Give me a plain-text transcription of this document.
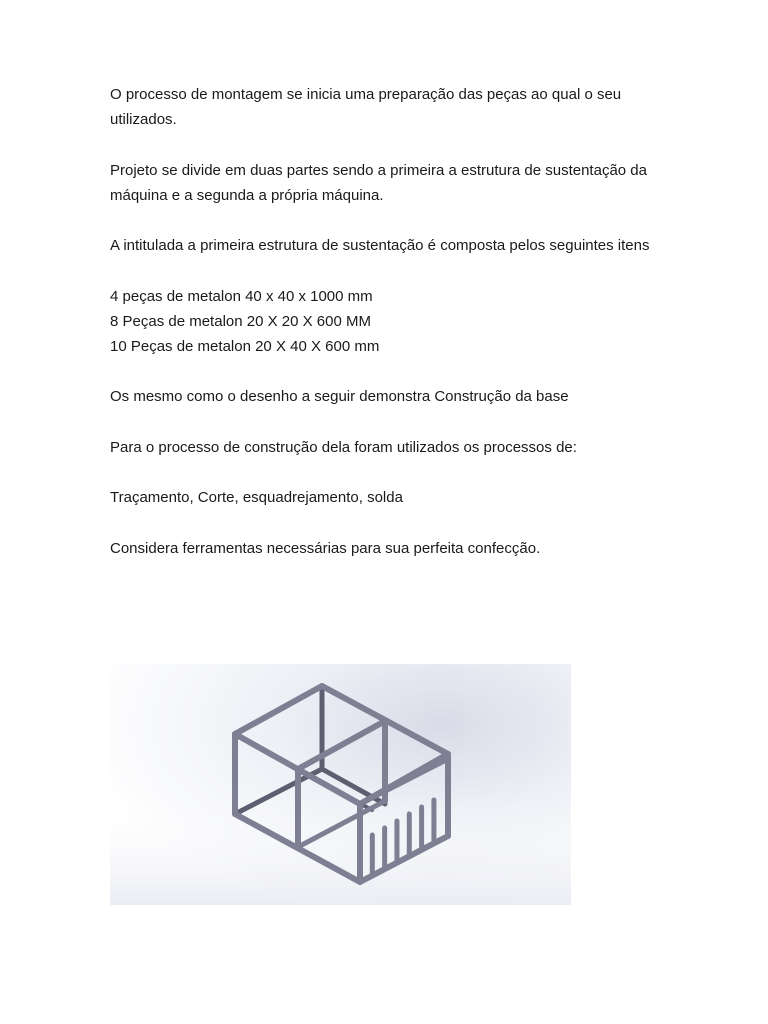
O processo de montagem se inicia uma preparação das peças ao qual o seu utilizados.

Projeto se divide em duas partes sendo a primeira a estrutura de sustentação da máquina e a segunda a própria máquina.

A intitulada a primeira estrutura de sustentação é composta pelos seguintes itens

4 peças de metalon 40 x 40 x 1000 mm
8 Peças de metalon 20 X 20 X 600 MM
10 Peças de metalon 20 X 40 X 600 mm

Os mesmo como o desenho a seguir demonstra Construção da base

Para o processo de construção dela foram utilizados os processos de:

Traçamento, Corte, esquadrejamento, solda

Considera ferramentas necessárias para sua perfeita confecção.
